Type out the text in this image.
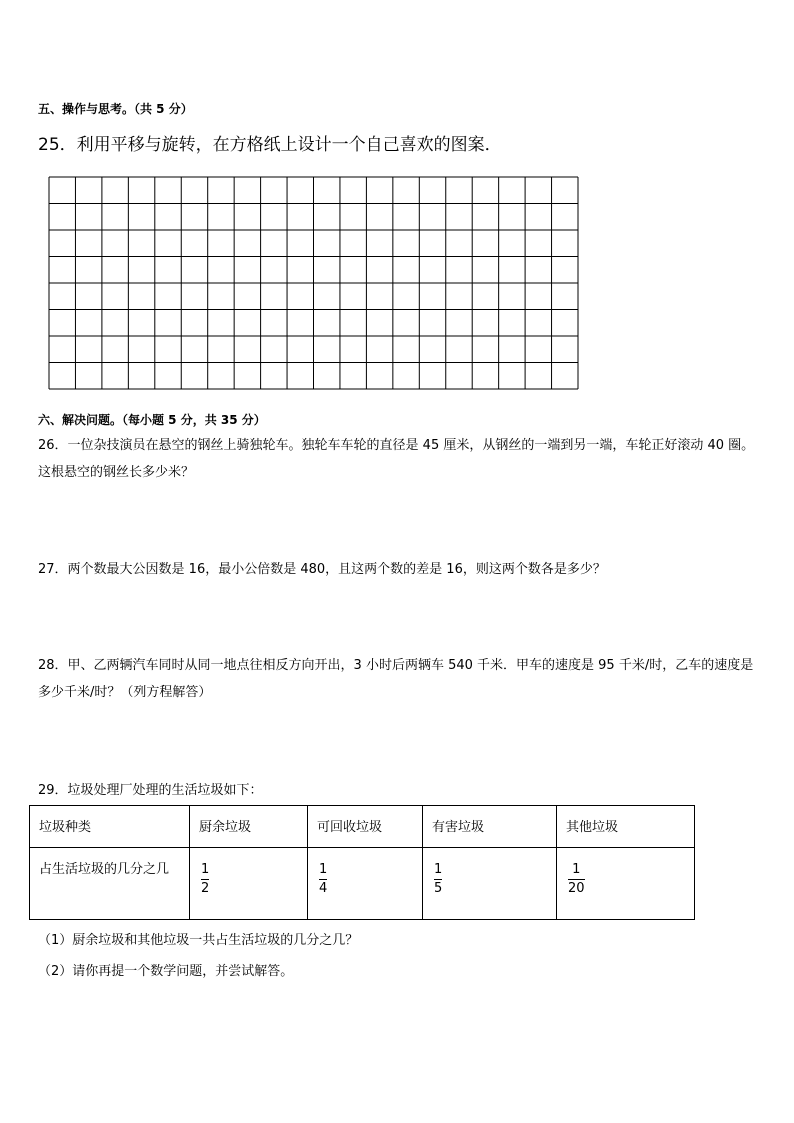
五、操作与思考。（共 5 分）
25．利用平移与旋转，在方格纸上设计一个自己喜欢的图案．
六、解决问题。（每小题 5 分，共 35 分）
26．一位杂技演员在悬空的钢丝上骑独轮车。独轮车车轮的直径是 45 厘米，从钢丝的一端到另一端，车轮正好滚动 40 圈。这根悬空的钢丝长多少米？
27．两个数最大公因数是 16，最小公倍数是 480，且这两个数的差是 16，则这两个数各是多少？
28．甲、乙两辆汽车同时从同一地点往相反方向开出，3 小时后两辆车 540 千米．甲车的速度是 95 千米/时，乙车的速度是多少千米/时？（列方程解答）
29．垃圾处理厂处理的生活垃圾如下：
垃圾种类	厨余垃圾	可回收垃圾	有害垃圾	其他垃圾
占生活垃圾的几分之几	$\frac{1}{2}$	$\frac{1}{4}$	$\frac{1}{5}$	$\frac{1}{20}$
（1）厨余垃圾和其他垃圾一共占生活垃圾的几分之几？
（2）请你再提一个数学问题，并尝试解答。
